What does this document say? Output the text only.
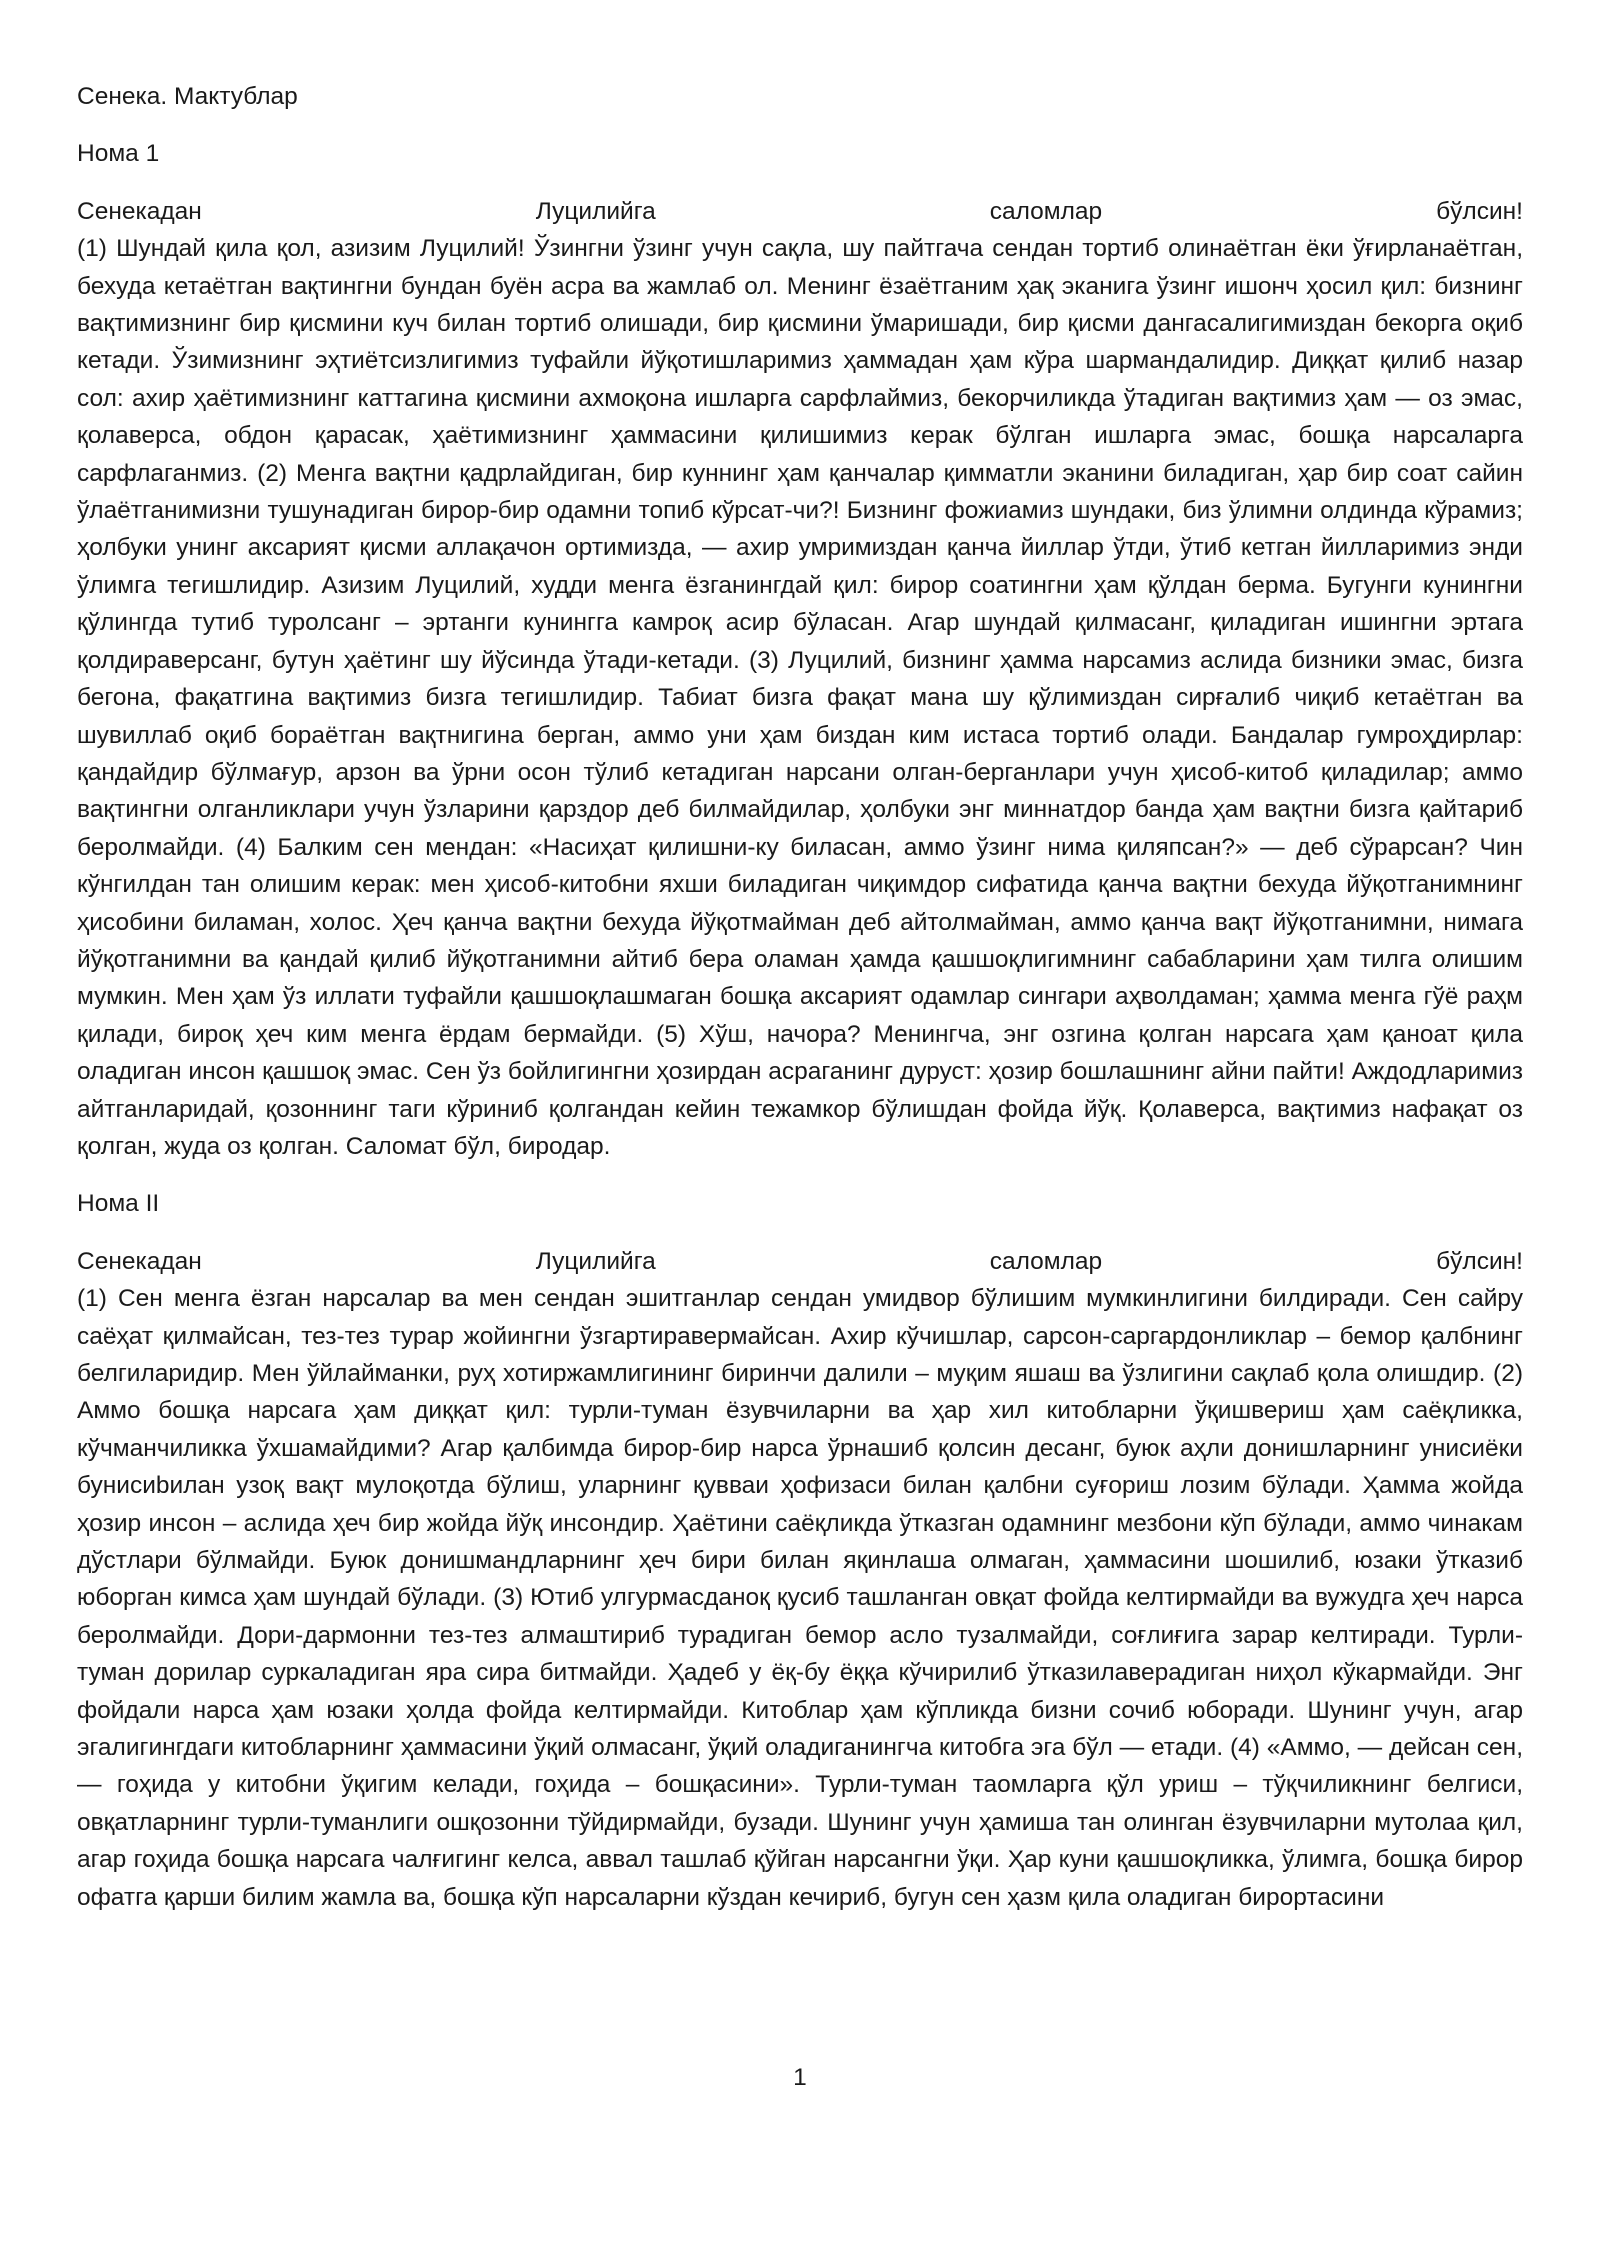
Сенека. Мактублар

Нома 1

Сенекадан	Луцилийга	саломлар	бўлсин!

(1) Шундай қила қол, азизим Луцилий! Ўзингни ўзинг учун сақла, шу пайтгача сендан тортиб олинаётган ёки ўғирланаётган, бехуда кетаётган вақтингни бундан буён асра ва жамлаб ол. Менинг ёзаётганим ҳақ эканига ўзинг ишонч ҳосил қил: бизнинг вақтимизнинг бир қисмини куч билан тортиб олишади, бир қисмини ўмаришади, бир қисми дангасалигимиздан бекорга оқиб кетади. Ўзимизнинг эҳтиётсизлигимиз туфайли йўқотишларимиз ҳаммадан ҳам кўра шармандалидир. Диққат қилиб назар сол: ахир ҳаётимизнинг каттагина қисмини ахмоқона ишларга сарфлаймиз, бекорчиликда ўтадиган вақтимиз ҳам — оз эмас, қолаверса, обдон қарасак, ҳаётимизнинг ҳаммасини қилишимиз керак бўлган ишларга эмас, бошқа нарсаларга сарфлаганмиз. (2) Менга вақтни қадрлайдиган, бир куннинг ҳам қанчалар қимматли эканини биладиган, ҳар бир соат сайин ўлаётганимизни тушунадиган бирор-бир одамни топиб кўрсат-чи?! Бизнинг фожиамиз шундаки, биз ўлимни олдинда кўрамиз; ҳолбуки унинг аксарият қисми аллақачон ортимизда, — ахир умримиздан қанча йиллар ўтди, ўтиб кетган йилларимиз энди ўлимга тегишлидир. Азизим Луцилий, худди менга ёзганингдай қил: бирор соатингни ҳам қўлдан берма. Бугунги кунингни қўлингда тутиб туролсанг – эртанги кунингга камроқ асир бўласан. Агар шундай қилмасанг, қиладиган ишингни эртага қолдираверсанг, бутун ҳаётинг шу йўсинда ўтади-кетади. (3) Луцилий, бизнинг ҳамма нарсамиз аслида бизники эмас, бизга бегона, фақатгина вақтимиз бизга тегишлидир. Табиат бизга фақат мана шу қўлимиздан сирғалиб чиқиб кетаётган ва шувиллаб оқиб бораётган вақтнигина берган, аммо уни ҳам биздан ким истаса тортиб олади. Бандалар гумроҳдирлар: қандайдир бўлмағур, арзон ва ўрни осон тўлиб кетадиган нарсани олган-берганлари учун ҳисоб-китоб қиладилар; аммо вақтингни олганликлари учун ўзларини қарздор деб билмайдилар, ҳолбуки энг миннатдор банда ҳам вақтни бизга қайтариб беролмайди. (4) Балким сен мендан: «Насиҳат қилишни-ку биласан, аммо ўзинг нима қиляпсан?» — деб сўрарсан? Чин кўнгилдан тан олишим керак: мен ҳисоб-китобни яхши биладиган чиқимдор сифатида қанча вақтни бехуда йўқотганимнинг ҳисобини биламан, холос. Ҳеч қанча вақтни бехуда йўқотмайман деб айтолмайман, аммо қанча вақт йўқотганимни, нимага йўқотганимни ва қандай қилиб йўқотганимни айтиб бера оламан ҳамда қашшоқлигимнинг сабабларини ҳам тилга олишим мумкин. Мен ҳам ўз иллати туфайли қашшоқлашмаган бошқа аксарият одамлар сингари аҳволдаман; ҳамма менга гўё раҳм қилади, бироқ ҳеч ким менга ёрдам бермайди. (5) Хўш, начора? Менингча, энг озгина қолган нарсага ҳам қаноат қила оладиган инсон қашшоқ эмас. Сен ўз бойлигингни ҳозирдан асраганинг дуруст: ҳозир бошлашнинг айни пайти! Аждодларимиз айтганларидай, қозоннинг таги кўриниб қолгандан кейин тежамкор бўлишдан фойда йўқ. Қолаверса, вақтимиз нафақат оз қолган, жуда оз қолган. Саломат бўл, биродар.

Нома II

Сенекадан	Луцилийга	саломлар	бўлсин!

(1) Сен менга ёзган нарсалар ва мен сендан эшитганлар сендан умидвор бўлишим мумкинлигини билдиради. Сен сайру саёҳат қилмайсан, тез-тез турар жойингни ўзгартиравермайсан. Ахир кўчишлар, сарсон-саргардонликлар – бемор қалбнинг белгиларидир. Мен ўйлайманки, руҳ хотиржамлигининг биринчи далили – муқим яшаш ва ўзлигини сақлаб қола олишдир. (2) Аммо бошқа нарсага ҳам диққат қил: турли-туман ёзувчиларни ва ҳар хил китобларни ўқишвериш ҳам саёқликка, кўчманчиликка ўхшамайдими? Агар қалбимда бирор-бир нарса ўрнашиб қолсин десанг, буюк аҳли донишларнинг унисиёки бунисиbилан узоқ вақт мулоқотда бўлиш, уларнинг қувваи ҳофизаси билан қалбни суғориш лозим бўлади. Ҳамма жойда ҳозир инсон – аслида ҳеч бир жойда йўқ инсондир. Ҳаётини саёқликда ўтказган одамнинг мезбони кўп бўлади, аммо чинакам дўстлари бўлмайди. Буюк донишмандларнинг ҳеч бири билан яқинлаша олмаган, ҳаммасини шошилиб, юзаки ўтказиб юборган кимса ҳам шундай бўлади. (3) Ютиб улгурмасданоқ қусиб ташланган овқат фойда келтирмайди ва вужудга ҳеч нарса беролмайди. Дори-дармонни тез-тез алмаштириб турадиган бемор асло тузалмайди, соғлиғига зарар келтиради. Турли-туман дорилар суркаладиган яра сира битмайди. Ҳадеб у ёқ-бу ёққа кўчирилиб ўтказилаверадиган ниҳол кўкармайди. Энг фойдали нарса ҳам юзаки ҳолда фойда келтирмайди. Китоблар ҳам кўпликда бизни сочиб юборади. Шунинг учун, агар эгалигингдаги китобларнинг ҳаммасини ўқий олмасанг, ўқий оладиганингча китобга эга бўл — етади. (4) «Аммо, — дейсан сен, — гоҳида у китобни ўқигим келади, гоҳида – бошқасини». Турли-туман таомларга қўл уриш – тўқчиликнинг белгиси, овқатларнинг турли-туманлиги ошқозонни тўйдирмайди, бузади. Шунинг учун ҳамиша тан олинган ёзувчиларни мутолаа қил, агар гоҳида бошқа нарсага чалғигинг келса, аввал ташлаб қўйган нарсангни ўқи. Ҳар куни қашшоқликка, ўлимга, бошқа бирор офатга қарши билим жамла ва, бошқа кўп нарсаларни кўздан кечириб, бугун сен ҳазм қила оладиган бирортасини

1
